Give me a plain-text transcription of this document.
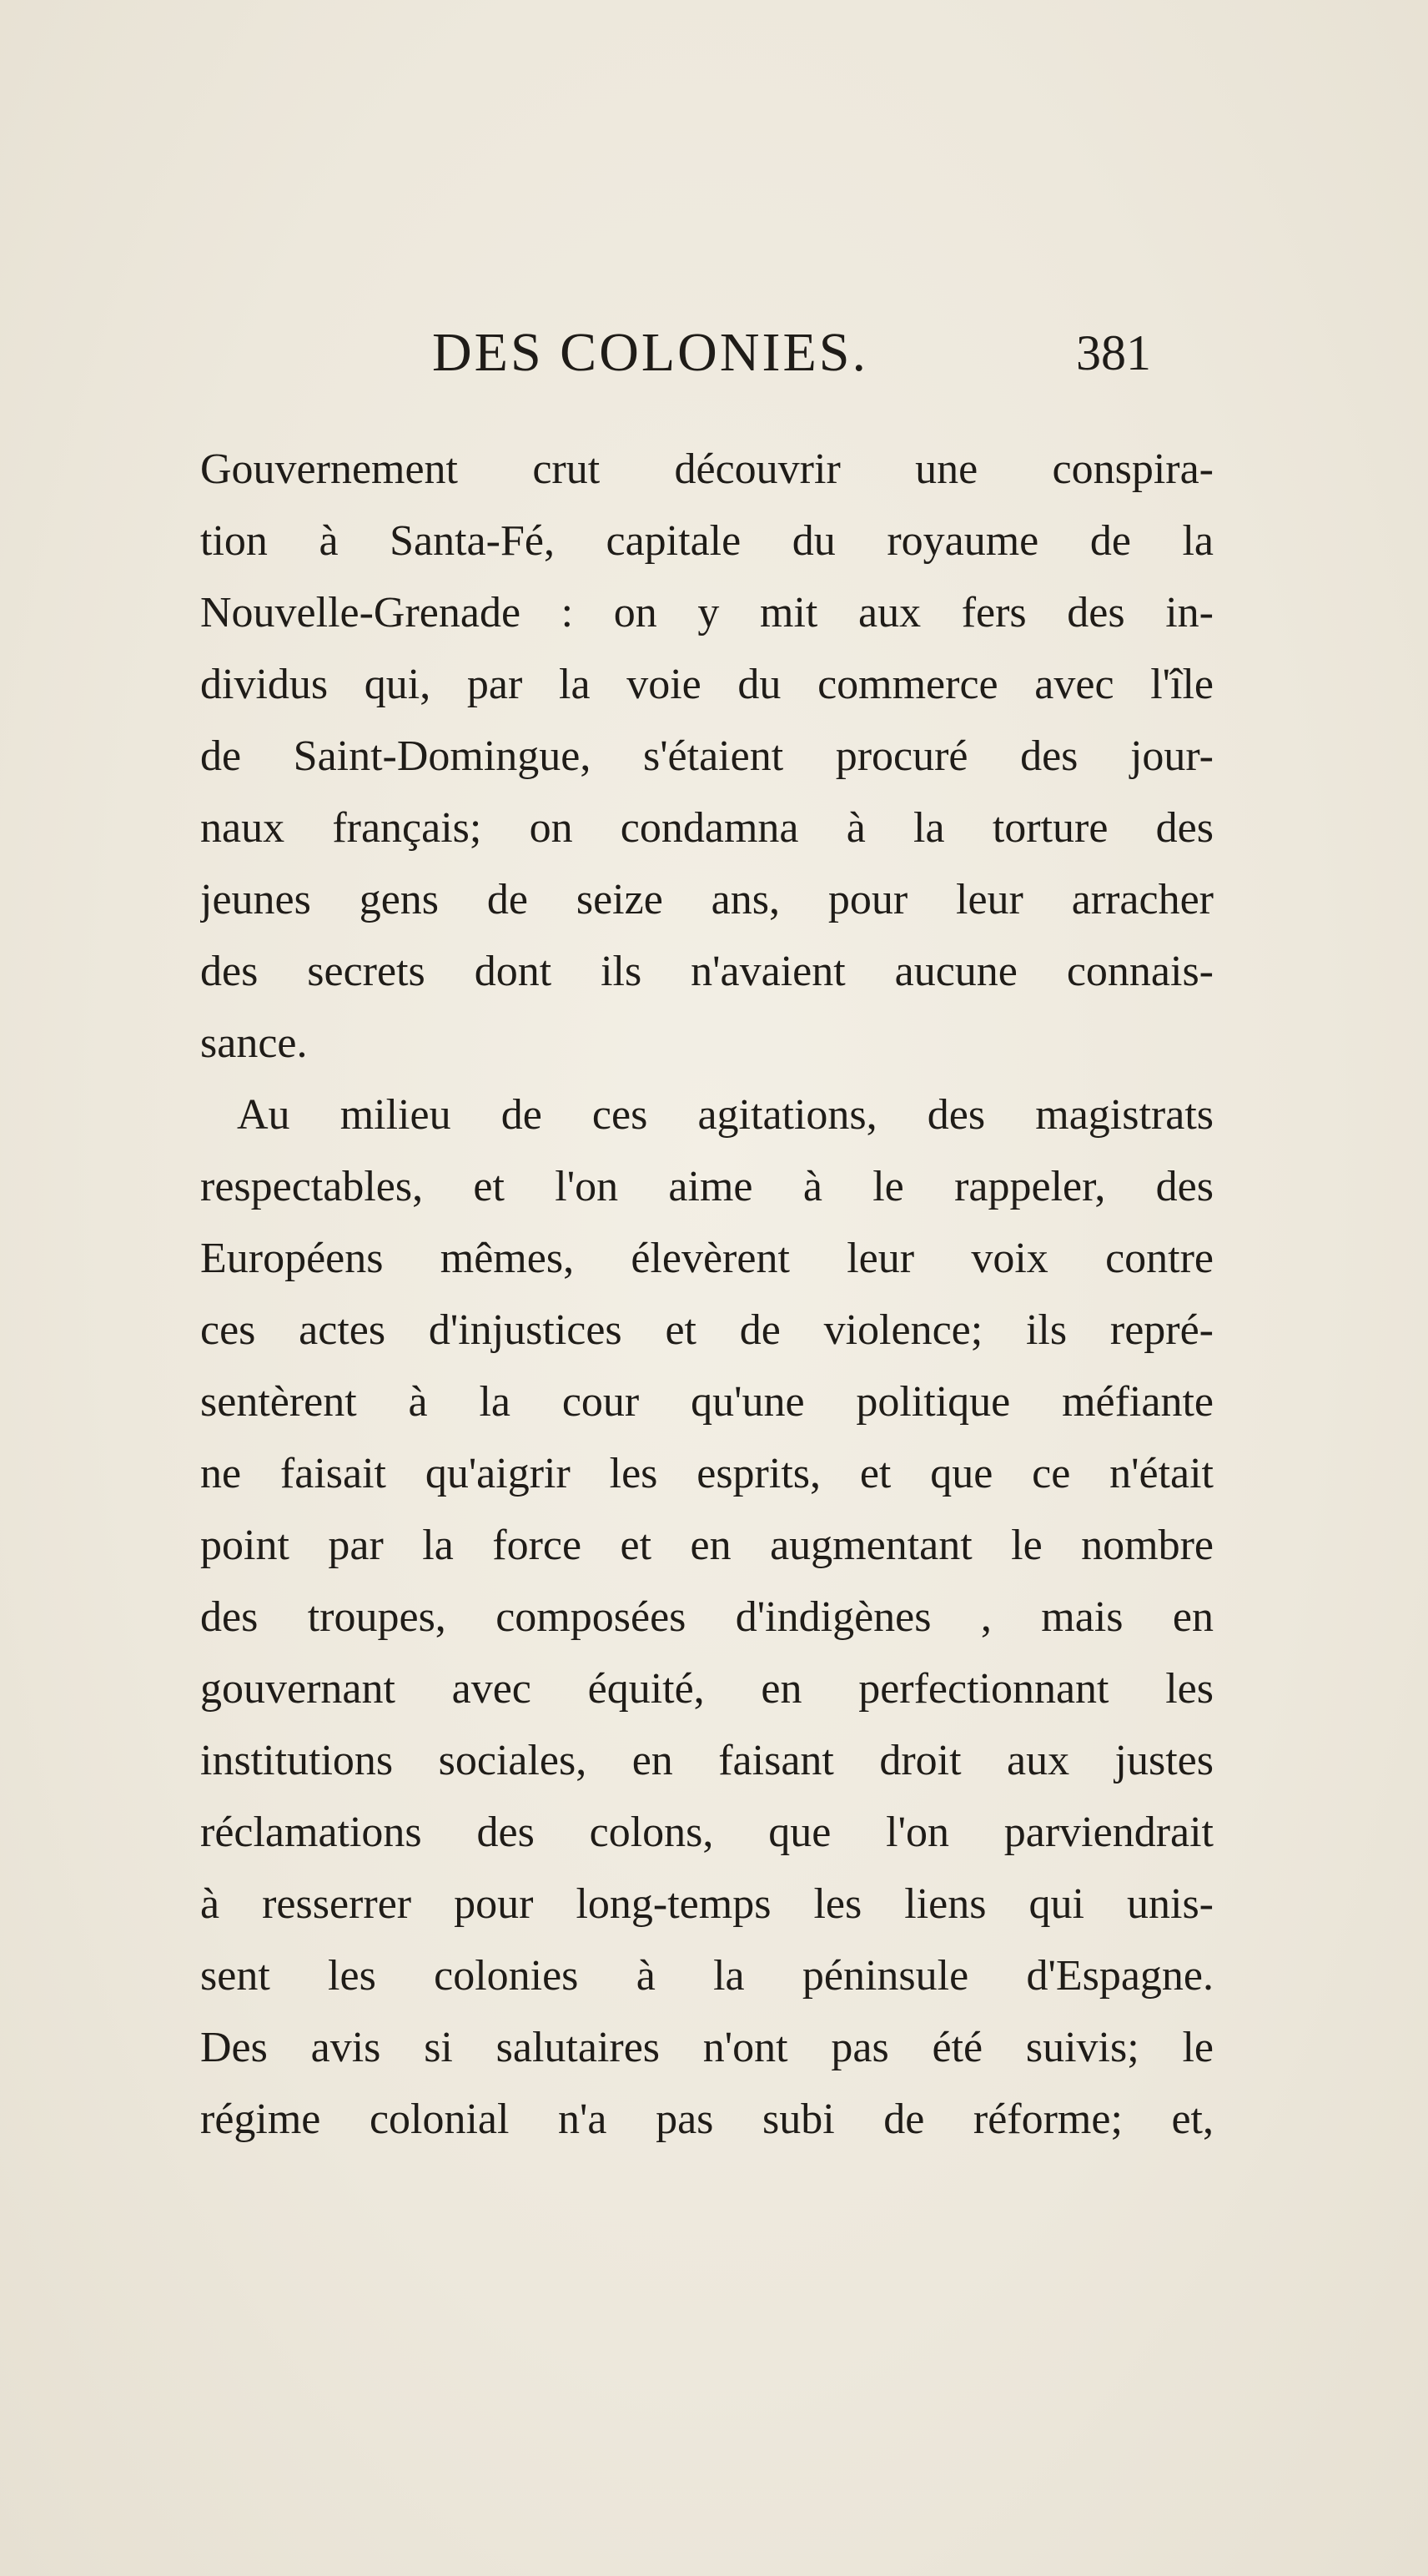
DES COLONIES.	381
Gouvernement crut découvrir une conspira-
tion à Santa-Fé, capitale du royaume de la
Nouvelle-Grenade : on y mit aux fers des in-
dividus qui, par la voie du commerce avec l'île
de Saint-Domingue, s'étaient procuré des jour-
naux français; on condamna à la torture des
jeunes gens de seize ans, pour leur arracher
des secrets dont ils n'avaient aucune connais-
sance.
Au milieu de ces agitations, des magistrats
respectables, et l'on aime à le rappeler, des
Européens mêmes, élevèrent leur voix contre
ces actes d'injustices et de violence; ils repré-
sentèrent à la cour qu'une politique méfiante
ne faisait qu'aigrir les esprits, et que ce n'était
point par la force et en augmentant le nombre
des troupes, composées d'indigènes , mais en
gouvernant avec équité, en perfectionnant les
institutions sociales, en faisant droit aux justes
réclamations des colons, que l'on parviendrait
à resserrer pour long-temps les liens qui unis-
sent les colonies à la péninsule d'Espagne.
Des avis si salutaires n'ont pas été suivis; le
régime colonial n'a pas subi de réforme; et,
